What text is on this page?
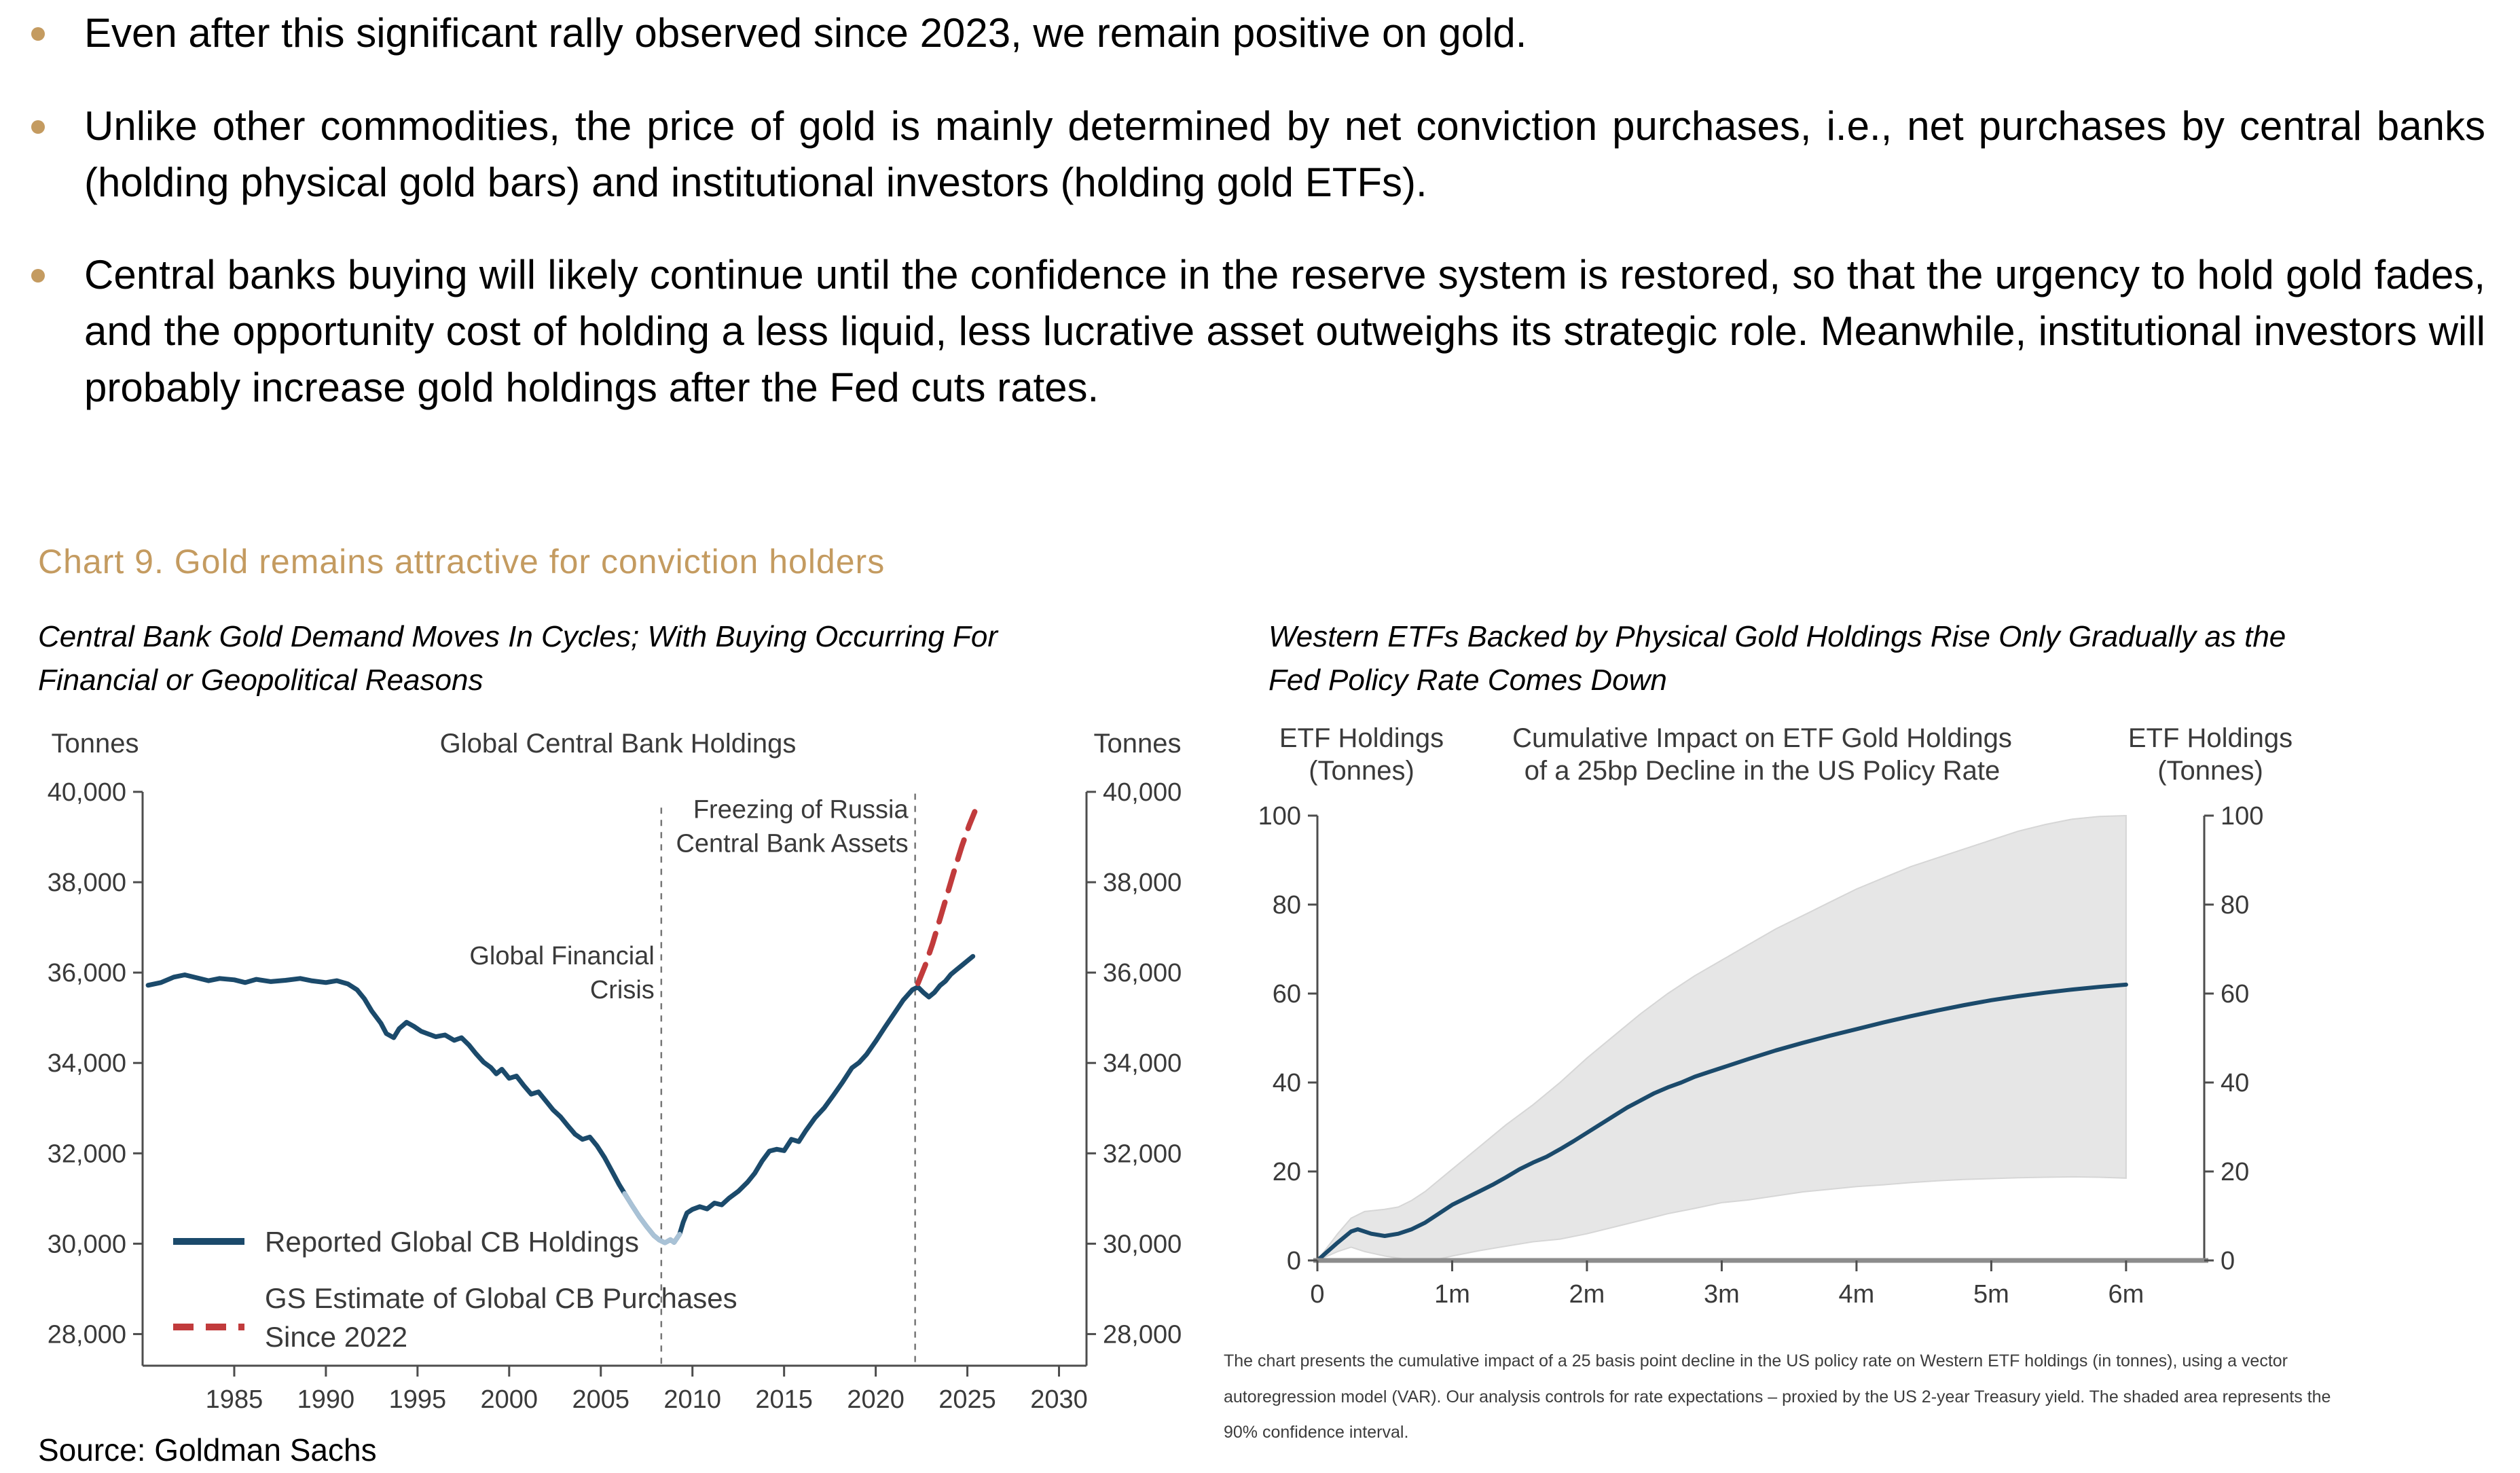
Even after this significant rally observed since 2023, we remain positive on gold.
Unlike other commodities, the price of gold is mainly determined by net conviction purchases, i.e., net purchases by central banks (holding physical gold bars) and institutional investors (holding gold ETFs).
Central banks buying will likely continue until the confidence in the reserve system is restored, so that the urgency to hold gold fades, and the opportunity cost of holding a less liquid, less lucrative asset outweighs its strategic role. Meanwhile, institutional investors will probably increase gold holdings after the Fed cuts rates.
Chart 9. Gold remains attractive for conviction holders
Central Bank Gold Demand Moves In Cycles; With Buying Occurring For Financial or Geopolitical Reasons
Western ETFs Backed by Physical Gold Holdings Rise Only Gradually as the Fed Policy Rate Comes Down
Tonnes	Global Central Bank Holdings	Tonnes
Global Financial
Crisis
Freezing of Russia
Central Bank Assets
28,000	28,000
30,000	30,000
32,000	32,000
34,000	34,000
36,000	36,000
38,000	38,000
40,000	40,000
1985 1990 1995 2000 2005 2010 2015 2020 2025 2030
Reported Global CB Holdings
GS Estimate of Global CB Purchases
Since 2022
ETF Holdings
(Tonnes)
Cumulative Impact on ETF Gold Holdings
of a 25bp Decline in the US Policy Rate
ETF Holdings
(Tonnes)
0	0
20	20
40	40
60	60
80	80
100	100
0	1m	2m	3m	4m	5m	6m
The chart presents the cumulative impact of a 25 basis point decline in the US policy rate on Western ETF holdings (in tonnes), using a vector autoregression model (VAR). Our analysis controls for rate expectations – proxied by the US 2-year Treasury yield. The shaded area represents the 90% confidence interval.
Source: Goldman Sachs
